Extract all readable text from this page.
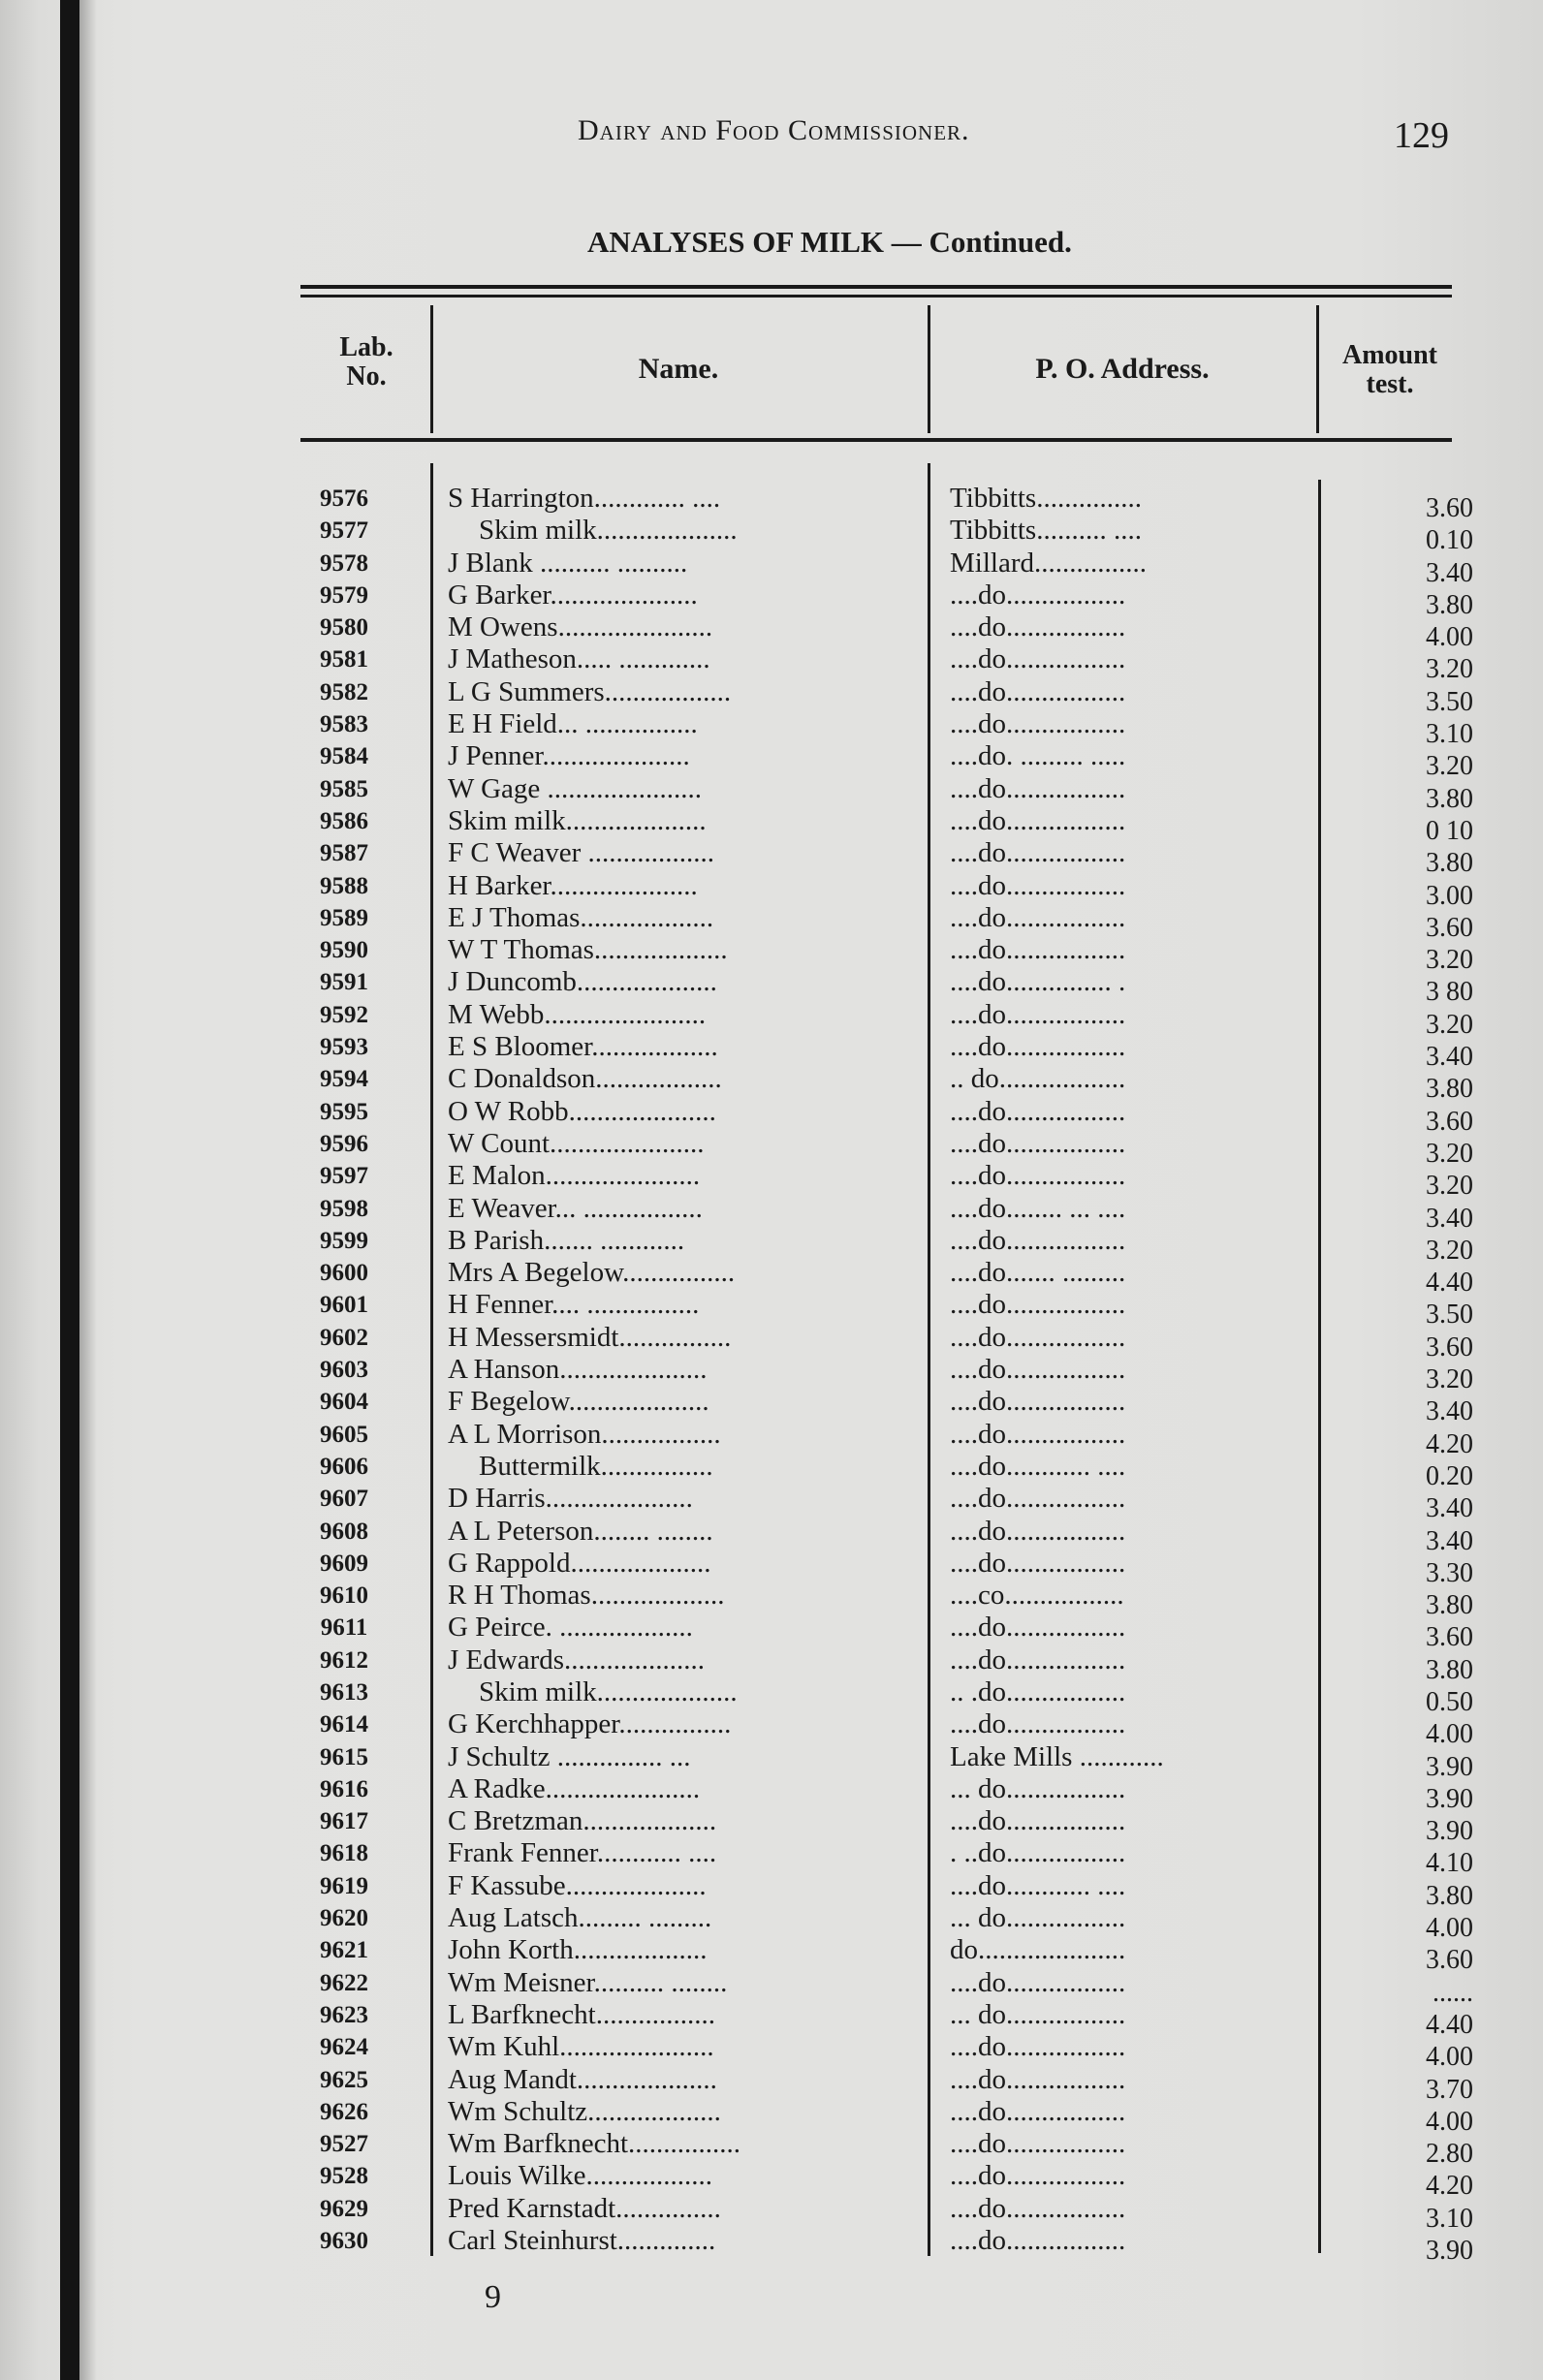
Dairy and Food Commissioner.	129
ANALYSES OF MILK — Continued.
Lab. No.	Name.	P. O. Address.	Amount test.
9576	S Harrington............. ....	Tibbitts...............	3.60
9577	Skim milk....................	Tibbitts.......... ....	0.10
9578	J Blank .......... ..........	Millard................	3.40
9579	G Barker.....................	....do.................	3.80
9580	M Owens......................	....do.................	4.00
9581	J Matheson..... .............	....do.................	3.20
9582	L G Summers..................	....do.................	3.50
9583	E H Field... ................	....do.................	3.10
9584	J Penner.....................	....do. ......... .....	3.20
9585	W Gage ......................	....do.................	3.80
9586	Skim milk....................	....do.................	0 10
9587	F C Weaver ..................	....do.................	3.80
9588	H Barker.....................	....do.................	3.00
9589	E J Thomas...................	....do.................	3.60
9590	W T Thomas...................	....do.................	3.20
9591	J Duncomb....................	....do............... .	3 80
9592	M Webb.......................	....do.................	3.20
9593	E S Bloomer..................	....do.................	3.40
9594	C Donaldson..................	.. do..................	3.80
9595	O W Robb.....................	....do.................	3.60
9596	W Count......................	....do.................	3.20
9597	E Malon......................	....do.................	3.20
9598	E Weaver... .................	....do........ ... ....	3.40
9599	B Parish....... ............	....do.................	3.20
9600	Mrs A Begelow................	....do....... .........	4.40
9601	H Fenner.... ................	....do.................	3.50
9602	H Messersmidt................	....do.................	3.60
9603	A Hanson.....................	....do.................	3.20
9604	F Begelow....................	....do.................	3.40
9605	A L Morrison.................	....do.................	4.20
9606	Buttermilk................	....do............ ....	0.20
9607	D Harris.....................	....do.................	3.40
9608	A L Peterson........ ........	....do.................	3.40
9609	G Rappold....................	....do.................	3.30
9610	R H Thomas...................	....co.................	3.80
9611	G Peirce. ...................	....do.................	3.60
9612	J Edwards....................	....do.................	3.80
9613	Skim milk....................	.. .do.................	0.50
9614	G Kerchhapper................	....do.................	4.00
9615	J Schultz ............... ...	Lake Mills ............	3.90
9616	A Radke......................	... do.................	3.90
9617	C Bretzman...................	....do.................	3.90
9618	Frank Fenner............ ....	. ..do.................	4.10
9619	F Kassube....................	....do............ ....	3.80
9620	Aug Latsch......... .........	... do.................	4.00
9621	John Korth...................	do.....................	3.60
9622	Wm Meisner.......... ........	....do.................	......
9623	L Barfknecht.................	... do.................	4.40
9624	Wm Kuhl......................	....do.................	4.00
9625	Aug Mandt....................	....do.................	3.70
9626	Wm Schultz...................	....do.................	4.00
9527	Wm Barfknecht................	....do.................	2.80
9528	Louis Wilke..................	....do.................	4.20
9629	Pred Karnstadt...............	....do.................	3.10
9630	Carl Steinhurst..............	....do.................	3.90
9
